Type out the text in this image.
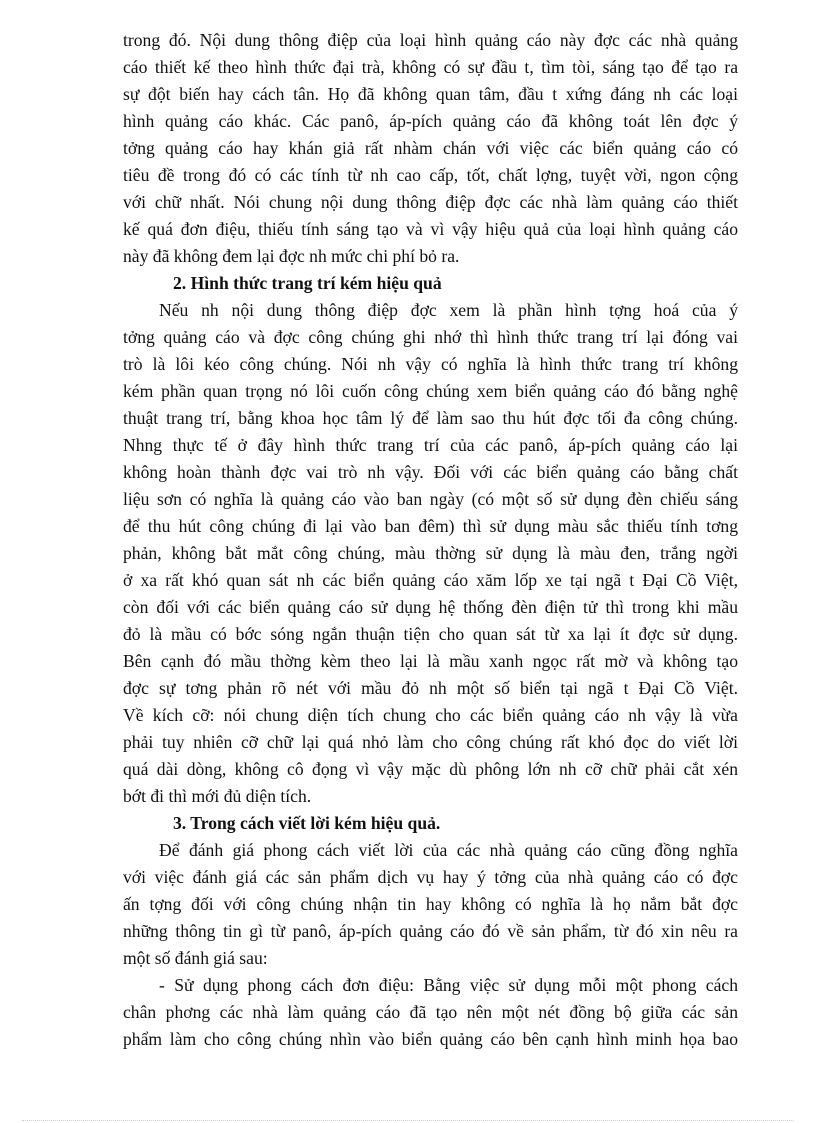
trong đó. Nội dung thông điệp của loại hình quảng cáo này đợc các nhà quảng
cáo thiết kế theo hình thức đại trà, không có sự đầu t, tìm tòi, sáng tạo để tạo ra
sự đột biến hay cách tân. Họ đã không quan tâm, đầu t xứng đáng nh các loại
hình quảng cáo khác. Các panô, áp-pích quảng cáo đã không toát lên đợc ý
tởng quảng cáo hay khán giả rất nhàm chán với việc các biển quảng cáo có
tiêu đề trong đó có các tính từ nh cao cấp, tốt, chất lợng, tuyệt vời, ngon cộng
với chữ nhất. Nói chung nội dung thông điệp đợc các nhà làm quảng cáo thiết
kế quá đơn điệu, thiếu tính sáng tạo và vì vậy hiệu quả của loại hình quảng cáo
này đã không đem lại đợc nh mức chi phí bỏ ra.
2. Hình thức trang trí kém hiệu quả
Nếu nh nội dung thông điệp đợc xem là phần hình tợng hoá của ý
tởng quảng cáo và đợc công chúng ghi nhớ thì hình thức trang trí lại đóng vai
trò là lôi kéo công chúng. Nói nh vậy có nghĩa là hình thức trang trí không
kém phần quan trọng nó lôi cuốn công chúng xem biển quảng cáo đó bằng nghệ
thuật trang trí, bằng khoa học tâm lý để làm sao thu hút đợc tối đa công chúng.
Nhng thực tế ở đây hình thức trang trí của các panô, áp-pích quảng cáo lại
không hoàn thành đợc vai trò nh vậy. Đối với các biển quảng cáo bằng chất
liệu sơn có nghĩa là quảng cáo vào ban ngày (có một số sử dụng đèn chiếu sáng
để thu hút công chúng đi lại vào ban đêm) thì sử dụng màu sắc thiếu tính tơng
phản, không bắt mắt công chúng, màu thờng sử dụng là màu đen, trắng ngời
ở xa rất khó quan sát nh các biển quảng cáo xăm lốp xe tại ngã t Đại Cồ Việt,
còn đối với các biển quảng cáo sử dụng hệ thống đèn điện tử thì trong khi mầu
đỏ là mầu có bớc sóng ngắn thuận tiện cho quan sát từ xa lại ít đợc sử dụng.
Bên cạnh đó mầu thờng kèm theo lại là mầu xanh ngọc rất mờ và không tạo
đợc sự tơng phản rõ nét với mầu đỏ nh một số biển tại ngã t Đại Cồ Việt.
Về kích cỡ: nói chung diện tích chung cho các biển quảng cáo nh vậy là vừa
phải tuy nhiên cỡ chữ lại quá nhỏ làm cho công chúng rất khó đọc do viết lời
quá dài dòng, không cô đọng vì vậy mặc dù phông lớn nh cỡ chữ phải cắt xén
bớt đi thì mới đủ diện tích.
3. Trong cách viết lời kém hiệu quả.
Để đánh giá phong cách viết lời của các nhà quảng cáo cũng đồng nghĩa
với việc đánh giá các sản phẩm dịch vụ hay ý tởng của nhà quảng cáo có đợc
ấn tợng đối với công chúng nhận tin hay không có nghĩa là họ nắm bắt đợc
những thông tin gì từ panô, áp-pích quảng cáo đó về sản phẩm, từ đó xin nêu ra
một số đánh giá sau:
- Sử dụng phong cách đơn điệu: Bằng việc sử dụng mỗi một phong cách
chân phơng các nhà làm quảng cáo đã tạo nên một nét đồng bộ giữa các sản
phẩm làm cho công chúng nhìn vào biển quảng cáo bên cạnh hình minh họa bao
